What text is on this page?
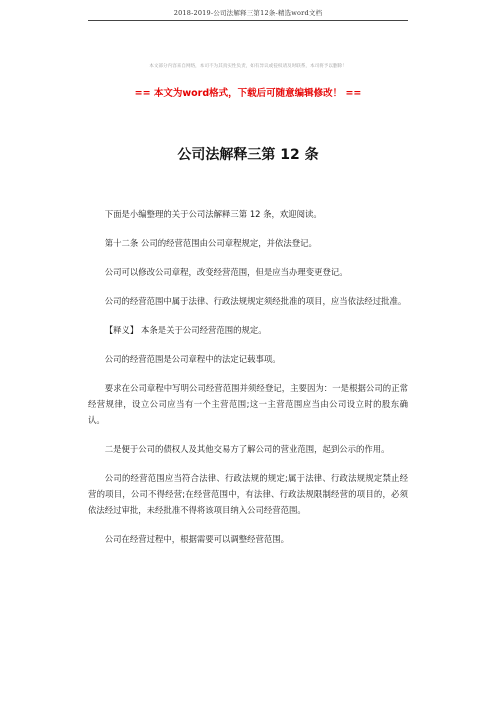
2018-2019-公司法解释三第12条-精选word文档
本文部分内容来自网络，本司不为其真实性负责，如有异议或侵权请及时联系，本司将予以删除！
== 本文为word格式，下载后可随意编辑修改！ ==
公司法解释三第 12 条

下面是小编整理的关于公司法解释三第 12 条，欢迎阅读。

第十二条 公司的经营范围由公司章程规定，并依法登记。

公司可以修改公司章程，改变经营范围，但是应当办理变更登记。

公司的经营范围中属于法律、行政法规规定须经批准的项目，应当依法经过批准。

【释义】 本条是关于公司经营范围的规定。

公司的经营范围是公司章程中的法定记载事项。

要求在公司章程中写明公司经营范围并须经登记，主要因为：一是根据公司的正常经营规律，设立公司应当有一个主营范围;这一主营范围应当由公司设立时的股东确认。

二是便于公司的债权人及其他交易方了解公司的营业范围，起到公示的作用。

公司的经营范围应当符合法律、行政法规的规定;属于法律、行政法规规定禁止经营的项目，公司不得经营;在经营范围中，有法律、行政法规限制经营的项目的，必须依法经过审批，未经批准不得将该项目纳入公司经营范围。

公司在经营过程中，根据需要可以调整经营范围。
